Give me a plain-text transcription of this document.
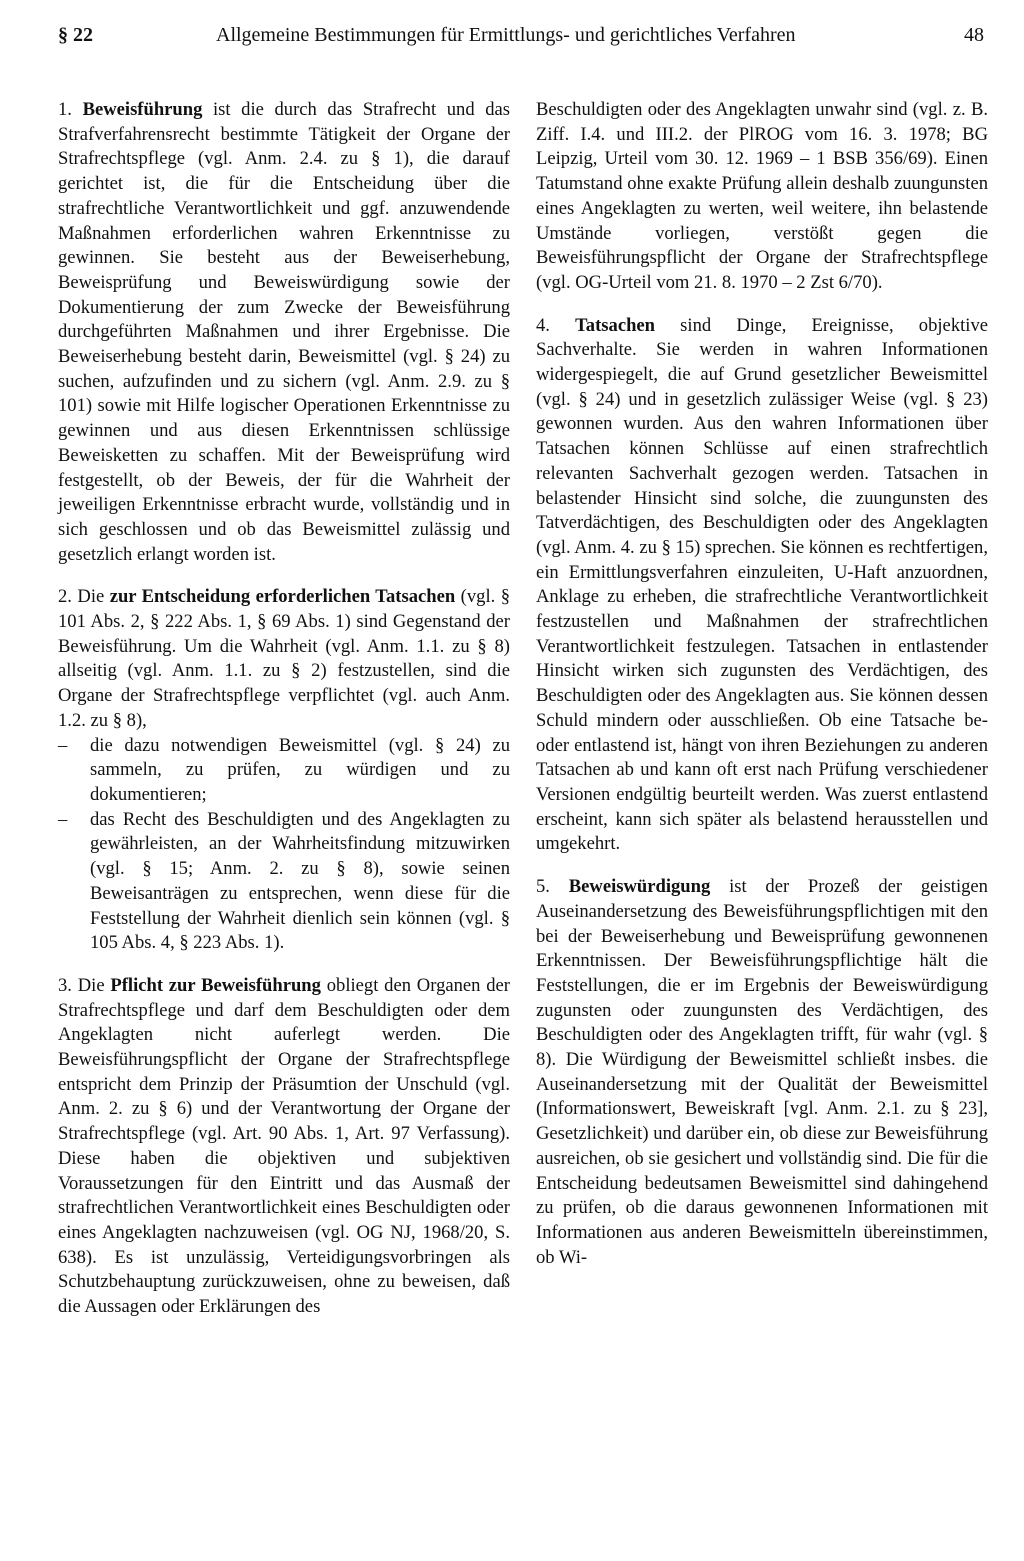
§ 22	Allgemeine Bestimmungen für Ermittlungs- und gerichtliches Verfahren	48

1. Beweisführung ist die durch das Strafrecht und das Strafverfahrensrecht bestimmte Tätigkeit der Organe der Strafrechtspflege (vgl. Anm. 2.4. zu § 1), die darauf gerichtet ist, die für die Entscheidung über die strafrechtliche Verantwortlichkeit und ggf. anzuwendende Maßnahmen erforderlichen wahren Erkenntnisse zu gewinnen. Sie besteht aus der Beweiserhebung, Beweisprüfung und Beweiswürdigung sowie der Dokumentierung der zum Zwecke der Beweisführung durchgeführten Maßnahmen und ihrer Ergebnisse. Die Beweiserhebung besteht darin, Beweismittel (vgl. § 24) zu suchen, aufzufinden und zu sichern (vgl. Anm. 2.9. zu § 101) sowie mit Hilfe logischer Operationen Erkenntnisse zu gewinnen und aus diesen Erkenntnissen schlüssige Beweisketten zu schaffen. Mit der Beweisprüfung wird festgestellt, ob der Beweis, der für die Wahrheit der jeweiligen Erkenntnisse erbracht wurde, vollständig und in sich geschlossen und ob das Beweismittel zulässig und gesetzlich erlangt worden ist.

2. Die zur Entscheidung erforderlichen Tatsachen (vgl. § 101 Abs. 2, § 222 Abs. 1, § 69 Abs. 1) sind Gegenstand der Beweisführung. Um die Wahrheit (vgl. Anm. 1.1. zu § 8) allseitig (vgl. Anm. 1.1. zu § 2) festzustellen, sind die Organe der Strafrechtspflege verpflichtet (vgl. auch Anm. 1.2. zu § 8),

–	die dazu notwendigen Beweismittel (vgl. § 24) zu sammeln, zu prüfen, zu würdigen und zu dokumentieren;
–	das Recht des Beschuldigten und des Angeklagten zu gewährleisten, an der Wahrheitsfindung mitzuwirken (vgl. § 15; Anm. 2. zu § 8), sowie seinen Beweisanträgen zu entsprechen, wenn diese für die Feststellung der Wahrheit dienlich sein können (vgl. § 105 Abs. 4, § 223 Abs. 1).

3. Die Pflicht zur Beweisführung obliegt den Organen der Strafrechtspflege und darf dem Beschuldigten oder dem Angeklagten nicht auferlegt werden. Die Beweisführungspflicht der Organe der Strafrechtspflege entspricht dem Prinzip der Präsumtion der Unschuld (vgl. Anm. 2. zu § 6) und der Verantwortung der Organe der Strafrechtspflege (vgl. Art. 90 Abs. 1, Art. 97 Verfassung). Diese haben die objektiven und subjektiven Voraussetzungen für den Eintritt und das Ausmaß der strafrechtlichen Verantwortlichkeit eines Beschuldigten oder eines Angeklagten nachzuweisen (vgl. OG NJ, 1968/20, S. 638). Es ist unzulässig, Verteidigungsvorbringen als Schutzbehauptung zurückzuweisen, ohne zu beweisen, daß die Aussagen oder Erklärungen des

Beschuldigten oder des Angeklagten unwahr sind (vgl. z. B. Ziff. I.4. und III.2. der PlROG vom 16. 3. 1978; BG Leipzig, Urteil vom 30. 12. 1969 – 1 BSB 356/69). Einen Tatumstand ohne exakte Prüfung allein deshalb zuungunsten eines Angeklagten zu werten, weil weitere, ihn belastende Umstände vorliegen, verstößt gegen die Beweisführungspflicht der Organe der Strafrechtspflege (vgl. OG-Urteil vom 21. 8. 1970 – 2 Zst 6/70).

4. Tatsachen sind Dinge, Ereignisse, objektive Sachverhalte. Sie werden in wahren Informationen widergespiegelt, die auf Grund gesetzlicher Beweismittel (vgl. § 24) und in gesetzlich zulässiger Weise (vgl. § 23) gewonnen wurden. Aus den wahren Informationen über Tatsachen können Schlüsse auf einen strafrechtlich relevanten Sachverhalt gezogen werden. Tatsachen in belastender Hinsicht sind solche, die zuungunsten des Tatverdächtigen, des Beschuldigten oder des Angeklagten (vgl. Anm. 4. zu § 15) sprechen. Sie können es rechtfertigen, ein Ermittlungsverfahren einzuleiten, U-Haft anzuordnen, Anklage zu erheben, die strafrechtliche Verantwortlichkeit festzustellen und Maßnahmen der strafrechtlichen Verantwortlichkeit festzulegen. Tatsachen in entlastender Hinsicht wirken sich zugunsten des Verdächtigen, des Beschuldigten oder des Angeklagten aus. Sie können dessen Schuld mindern oder ausschließen. Ob eine Tatsache be- oder entlastend ist, hängt von ihren Beziehungen zu anderen Tatsachen ab und kann oft erst nach Prüfung verschiedener Versionen endgültig beurteilt werden. Was zuerst entlastend erscheint, kann sich später als belastend herausstellen und umgekehrt.

5. Beweiswürdigung ist der Prozeß der geistigen Auseinandersetzung des Beweisführungspflichtigen mit den bei der Beweiserhebung und Beweisprüfung gewonnenen Erkenntnissen. Der Beweisführungspflichtige hält die Feststellungen, die er im Ergebnis der Beweiswürdigung zugunsten oder zuungunsten des Verdächtigen, des Beschuldigten oder des Angeklagten trifft, für wahr (vgl. § 8). Die Würdigung der Beweismittel schließt insbes. die Auseinandersetzung mit der Qualität der Beweismittel (Informationswert, Beweiskraft [vgl. Anm. 2.1. zu § 23], Gesetzlichkeit) und darüber ein, ob diese zur Beweisführung ausreichen, ob sie gesichert und vollständig sind. Die für die Entscheidung bedeutsamen Beweismittel sind dahingehend zu prüfen, ob die daraus gewonnenen Informationen mit Informationen aus anderen Beweismitteln übereinstimmen, ob Wi-
